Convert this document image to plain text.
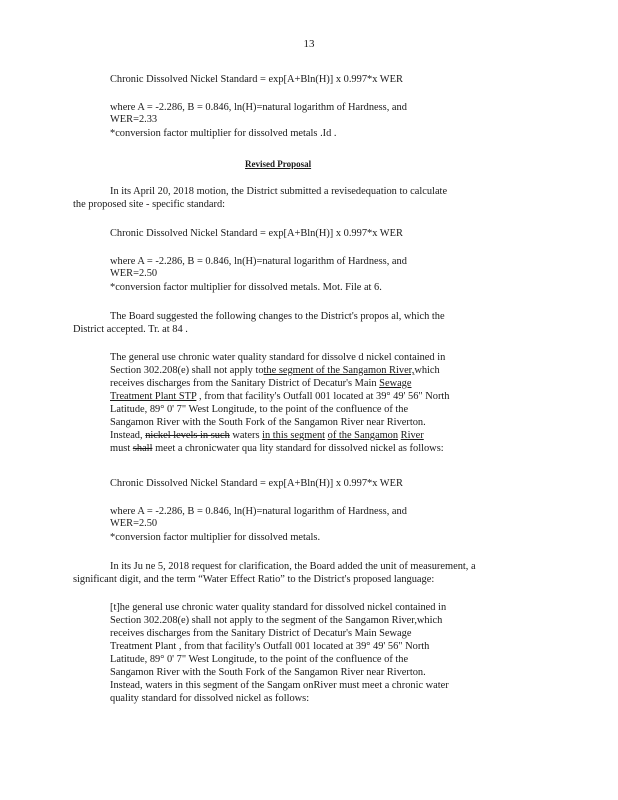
13
Chronic Dissolved Nickel Standard = exp[A+Bln(H)] x 0.997*x WER
where A = -2.286, B = 0.846, ln(H)=natural logarithm of Hardness, and
WER=2.33
*conversion factor multiplier for dissolved metals .Id .
Revised Proposal
In its April 20, 2018 motion, the District submitted a revisedequation to calculate
the proposed site - specific standard:
Chronic Dissolved Nickel Standard = exp[A+Bln(H)] x 0.997*x WER
where A = -2.286, B = 0.846, ln(H)=natural logarithm of Hardness, and
WER=2.50
*conversion factor multiplier for dissolved metals. Mot. File at 6.
The Board suggested the following changes to the District's propos al, which the
District accepted. Tr. at 84 .
The general use chronic water quality standard for dissolve d nickel contained in
Section 302.208(e) shall not apply tothe segment of the Sangamon River,which
receives discharges from the Sanitary District of Decatur's Main Sewage
Treatment Plant STP , from that facility's Outfall 001 located at 39° 49' 56" North
Latitude, 89° 0' 7" West Longitude, to the point of the confluence of the
Sangamon River with the South Fork of the Sangamon River near Riverton.
Instead, nickel levels in such waters in this segment of the Sangamon River
must shall meet a chronicwater qua lity standard for dissolved nickel as follows:
Chronic Dissolved Nickel Standard = exp[A+Bln(H)] x 0.997*x WER
where A = -2.286, B = 0.846, ln(H)=natural logarithm of Hardness, and
WER=2.50
*conversion factor multiplier for dissolved metals.
In its Ju ne 5, 2018 request for clarification, the Board added the unit of measurement, a
significant digit, and the term “Water Effect Ratio” to the District's proposed language:
[t]he general use chronic water quality standard for dissolved nickel contained in
Section 302.208(e) shall not apply to the segment of the Sangamon River,which
receives discharges from the Sanitary District of Decatur's Main Sewage
Treatment Plant , from that facility's Outfall 001 located at 39° 49' 56" North
Latitude, 89° 0' 7" West Longitude, to the point of the confluence of the
Sangamon River with the South Fork of the Sangamon River near Riverton.
Instead, waters in this segment of the Sangam onRiver must meet a chronic water
quality standard for dissolved nickel as follows:
